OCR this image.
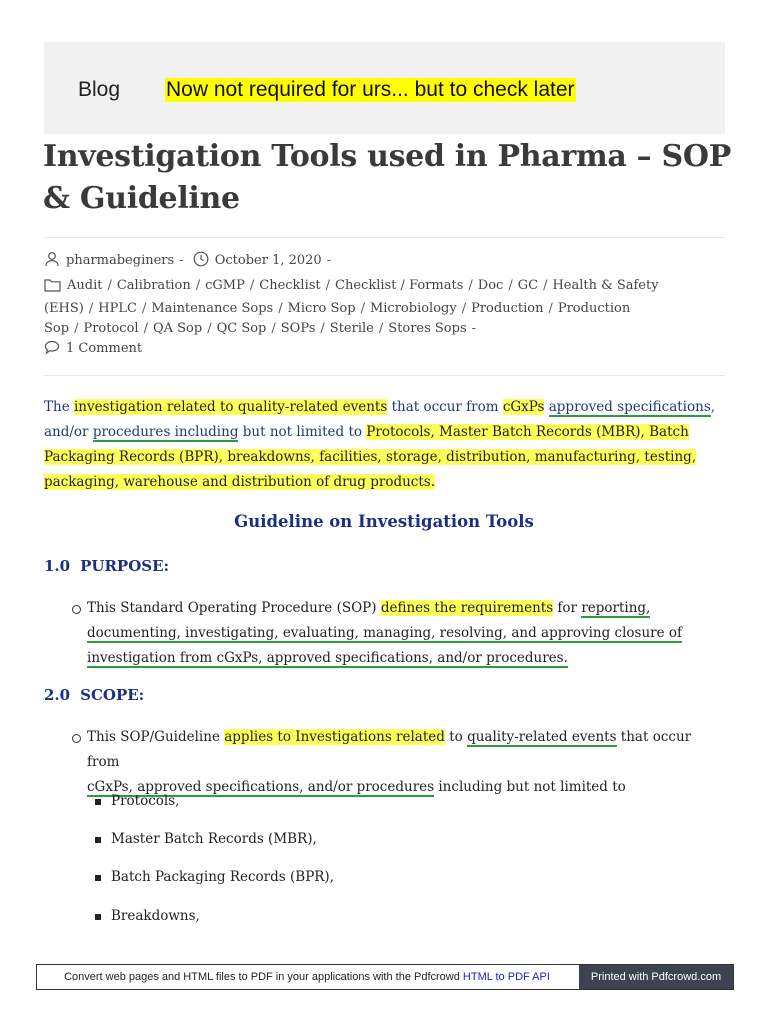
Blog Now not required for urs... but to check later
Investigation Tools used in Pharma – SOP & Guideline
pharmabeginers - October 1, 2020 -
Audit / Calibration / cGMP / Checklist / Checklist / Formats / Doc / GC / Health & Safety (EHS) / HPLC / Maintenance Sops / Micro Sop / Microbiology / Production / Production Sop / Protocol / QA Sop / QC Sop / SOPs / Sterile / Stores Sops -
1 Comment
The investigation related to quality-related events that occur from cGxPs approved specifications,
and/or procedures including but not limited to Protocols, Master Batch Records (MBR), Batch
Packaging Records (BPR), breakdowns, facilities, storage, distribution, manufacturing, testing,
packaging, warehouse and distribution of drug products.
Guideline on Investigation Tools
1.0 PURPOSE:
This Standard Operating Procedure (SOP) defines the requirements for reporting,
documenting, investigating, evaluating, managing, resolving, and approving closure of
investigation from cGxPs, approved specifications, and/or procedures.
2.0 SCOPE:
This SOP/Guideline applies to Investigations related to quality-related events that occur from
cGxPs, approved specifications, and/or procedures including but not limited to
Protocols,
Master Batch Records (MBR),
Batch Packaging Records (BPR),
Breakdowns,
Convert web pages and HTML files to PDF in your applications with the Pdfcrowd HTML to PDF API	Printed with Pdfcrowd.com
